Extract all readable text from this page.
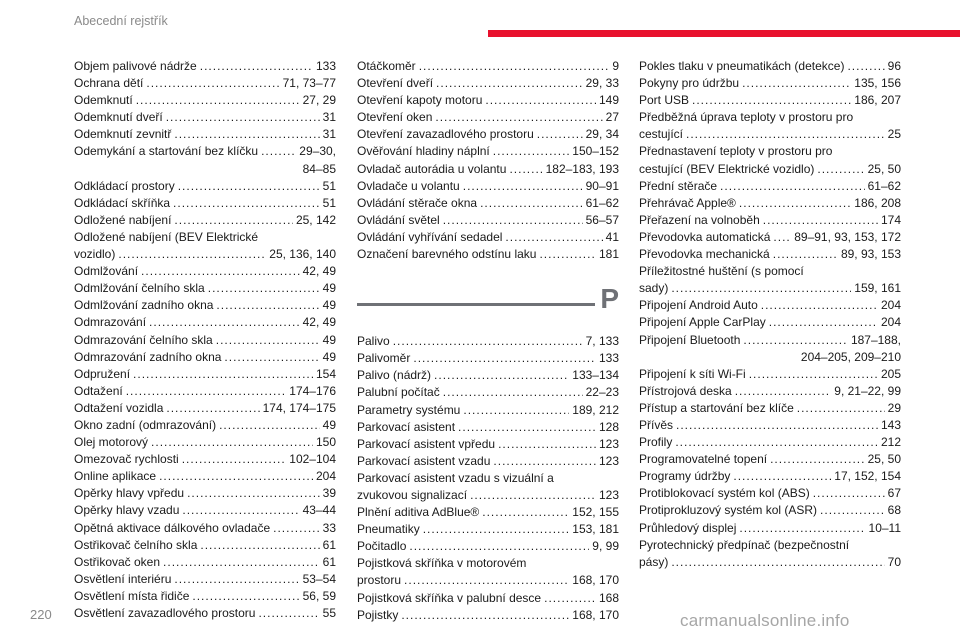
Abecední rejstřík
Objem palivové nádrže .....	133
Ochrana dětí .....	71, 73–77
Odemknutí .....	27, 29
Odemknutí dveří .....	31
Odemknutí zevnitř .....	31
Odemykání a startování bez klíčku .....	29–30,
84–85
Odkládací prostory .....	51
Odkládací skříňka .....	51
Odložené nabíjení .....	25, 142
Odložené nabíjení (BEV Elektrické
vozidlo) .....	25, 136, 140
Odmlžování .....	42, 49
Odmlžování čelního skla .....	49
Odmlžování zadního okna .....	49
Odmrazování .....	42, 49
Odmrazování čelního skla .....	49
Odmrazování zadního okna .....	49
Odpružení .....	154
Odtažení .....	174–176
Odtažení vozidla .....	174, 174–175
Okno zadní (odmrazování) .....	49
Olej motorový .....	150
Omezovač rychlosti .....	102–104
Online aplikace .....	204
Opěrky hlavy vpředu .....	39
Opěrky hlavy vzadu .....	43–44
Opětná aktivace dálkového ovladače .....	33
Ostřikovač čelního skla .....	61
Ostřikovač oken .....	61
Osvětlení interiéru .....	53–54
Osvětlení místa řidiče .....	56, 59
Osvětlení zavazadlového prostoru .....	55
Otáčkoměr .....	9
Otevření dveří .....	29, 33
Otevření kapoty motoru .....	149
Otevření oken .....	27
Otevření zavazadlového prostoru .....	29, 34
Ověřování hladiny náplní .....	150–152
Ovladač autorádia u volantu .....	182–183, 193
Ovladače u volantu .....	90–91
Ovládání stěrače okna .....	61–62
Ovládání světel .....	56–57
Ovládání vyhřívání sedadel .....	41
Označení barevného odstínu laku .....	181
P
Palivo .....	7, 133
Palivoměr .....	133
Palivo (nádrž) .....	133–134
Palubní počítač .....	22–23
Parametry systému .....	189, 212
Parkovací asistent .....	128
Parkovací asistent vpředu .....	123
Parkovací asistent vzadu .....	123
Parkovací asistent vzadu s vizuální a
zvukovou signalizací .....	123
Plnění aditiva AdBlue® .....	152, 155
Pneumatiky .....	153, 181
Počitadlo .....	9, 99
Pojistková skříňka v motorovém
prostoru .....	168, 170
Pojistková skříňka v palubní desce .....	168
Pojistky .....	168, 170
Pokles tlaku v pneumatikách (detekce) .....	96
Pokyny pro údržbu .....	135, 156
Port USB .....	186, 207
Předběžná úprava teploty v prostoru pro
cestující .....	25
Přednastavení teploty v prostoru pro
cestující (BEV Elektrické vozidlo) .....	25, 50
Přední stěrače .....	61–62
Přehrávač Apple® .....	186, 208
Přeřazení na volnoběh .....	174
Převodovka automatická ..... 89–91, 93, 153, 172
Převodovka mechanická .....	89, 93, 153
Příležitostné huštění (s pomocí
sady) .....	159, 161
Připojení Android Auto .....	204
Připojení Apple CarPlay .....	204
Připojení Bluetooth .....	187–188,
204–205, 209–210
Připojení k síti Wi-Fi .....	205
Přístrojová deska .....	9, 21–22, 99
Přístup a startování bez klíče .....	29
Přívěs .....	143
Profily .....	212
Programovatelné topení .....	25, 50
Programy údržby .....	17, 152, 154
Protiblokovací systém kol (ABS) .....	67
Protiprokluzový systém kol (ASR) .....	68
Průhledový displej .....	10–11
Pyrotechnický předpínač (bezpečnostní
pásy) .....	70
220	carmanualsonline.info
